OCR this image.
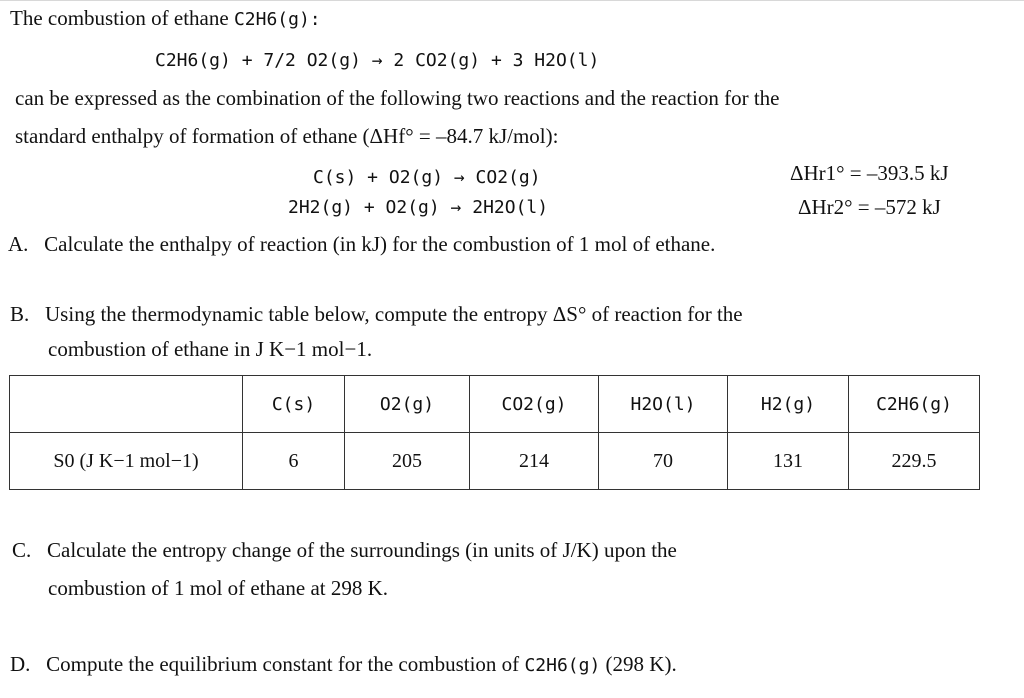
The combustion of ethane C2H6(g):
C2H6(g) + 7/2 O2(g) → 2 CO2(g) + 3 H2O(l)
can be expressed as the combination of the following two reactions and the reaction for the
standard enthalpy of formation of ethane (ΔHf° = –84.7 kJ/mol):
C(s) + O2(g) → CO2(g)	ΔHr1° = –393.5 kJ
2H2(g) + O2(g) → 2H2O(l)	ΔHr2° = –572 kJ
A. Calculate the enthalpy of reaction (in kJ) for the combustion of 1 mol of ethane.
B. Using the thermodynamic table below, compute the entropy ΔS° of reaction for the
combustion of ethane in J K−1 mol−1.
	C(s)	O2(g)	CO2(g)	H2O(l)	H2(g)	C2H6(g)
S0 (J K−1 mol−1)	6	205	214	70	131	229.5
C. Calculate the entropy change of the surroundings (in units of J/K) upon the
combustion of 1 mol of ethane at 298 K.
D. Compute the equilibrium constant for the combustion of C2H6(g) (298 K).
